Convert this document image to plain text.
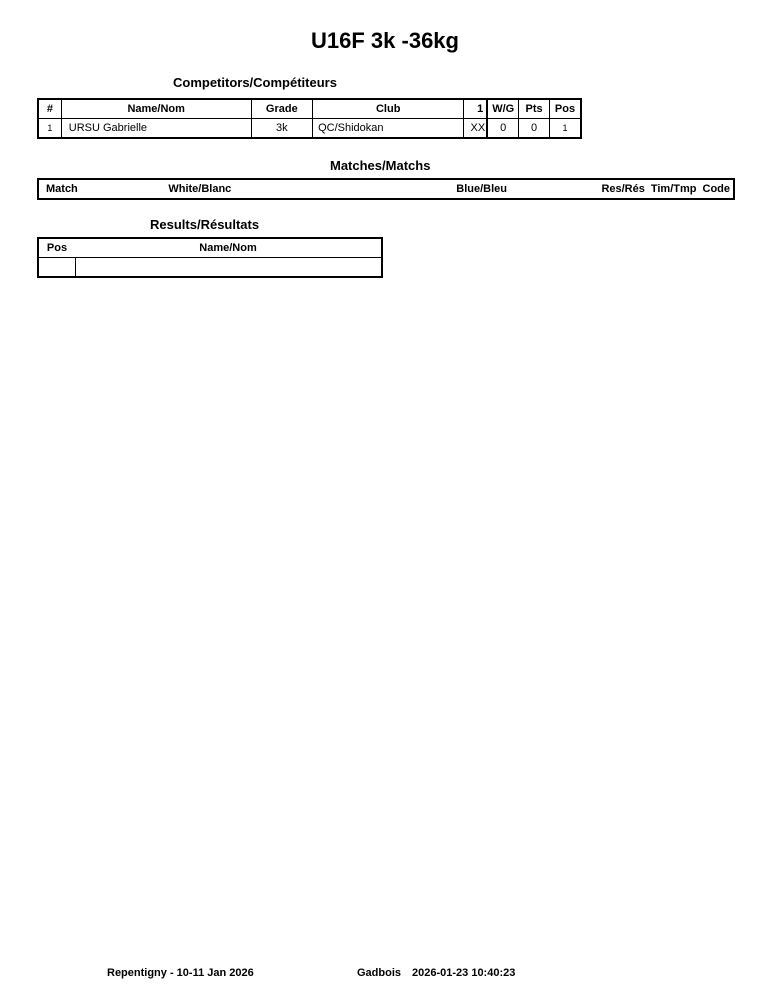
U16F 3k -36kg
Competitors/Compétiteurs
#	Name/Nom	Grade	Club	1	W/G	Pts	Pos
1	URSU Gabrielle	3k	QC/Shidokan	XX	0	0	1
Matches/Matchs
Match	White/Blanc	Blue/Bleu	Res/Rés	Tim/Tmp	Code
Results/Résultats
Pos	Name/Nom

Repentigny - 10-11 Jan 2026	Gadbois 2026-01-23 10:40:23
